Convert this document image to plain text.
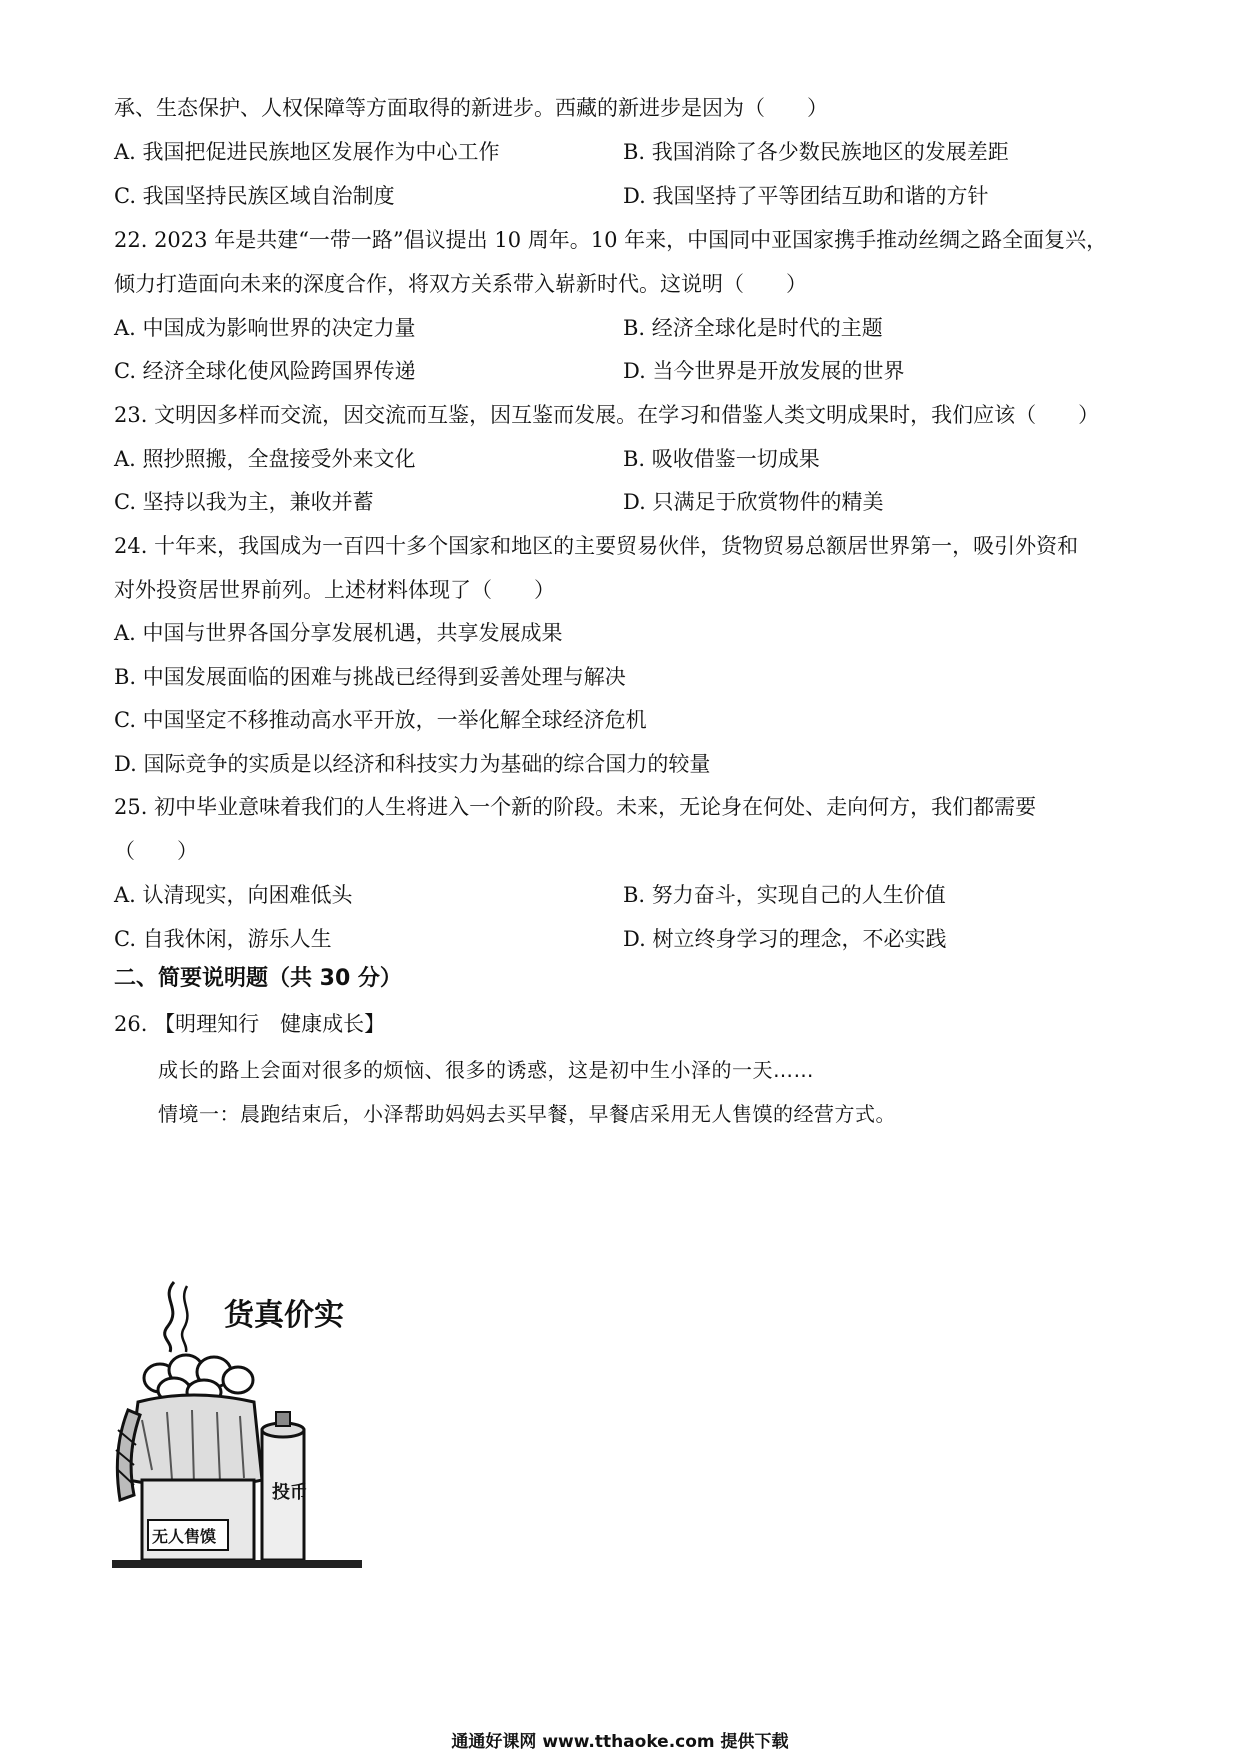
承、生态保护、人权保障等方面取得的新进步。西藏的新进步是因为（　　）
A. 我国把促进民族地区发展作为中心工作	B. 我国消除了各少数民族地区的发展差距
C. 我国坚持民族区域自治制度	D. 我国坚持了平等团结互助和谐的方针
22. 2023 年是共建“一带一路”倡议提出 10 周年。10 年来，中国同中亚国家携手推动丝绸之路全面复兴，
倾力打造面向未来的深度合作，将双方关系带入崭新时代。这说明（　　）
A. 中国成为影响世界的决定力量	B. 经济全球化是时代的主题
C. 经济全球化使风险跨国界传递	D. 当今世界是开放发展的世界
23. 文明因多样而交流，因交流而互鉴，因互鉴而发展。在学习和借鉴人类文明成果时，我们应该（　　）
A. 照抄照搬，全盘接受外来文化	B. 吸收借鉴一切成果
C. 坚持以我为主，兼收并蓄	D. 只满足于欣赏物件的精美
24. 十年来，我国成为一百四十多个国家和地区的主要贸易伙伴，货物贸易总额居世界第一，吸引外资和
对外投资居世界前列。上述材料体现了（　　）
A. 中国与世界各国分享发展机遇，共享发展成果
B. 中国发展面临的困难与挑战已经得到妥善处理与解决
C. 中国坚定不移推动高水平开放，一举化解全球经济危机
D. 国际竞争的实质是以经济和科技实力为基础的综合国力的较量
25. 初中毕业意味着我们的人生将进入一个新的阶段。未来，无论身在何处、走向何方，我们都需要
（　　）
A. 认清现实，向困难低头	B. 努力奋斗，实现自己的人生价值
C. 自我休闲，游乐人生	D. 树立终身学习的理念，不必实践
二、简要说明题（共 30 分）
26. 【明理知行　健康成长】
成长的路上会面对很多的烦恼、很多的诱惑，这是初中生小泽的一天……
情境一：晨跑结束后，小泽帮助妈妈去买早餐，早餐店采用无人售馍的经营方式。
货真价实
无人售馍
投币
通通好课网 www.tthaoke.com 提供下载
